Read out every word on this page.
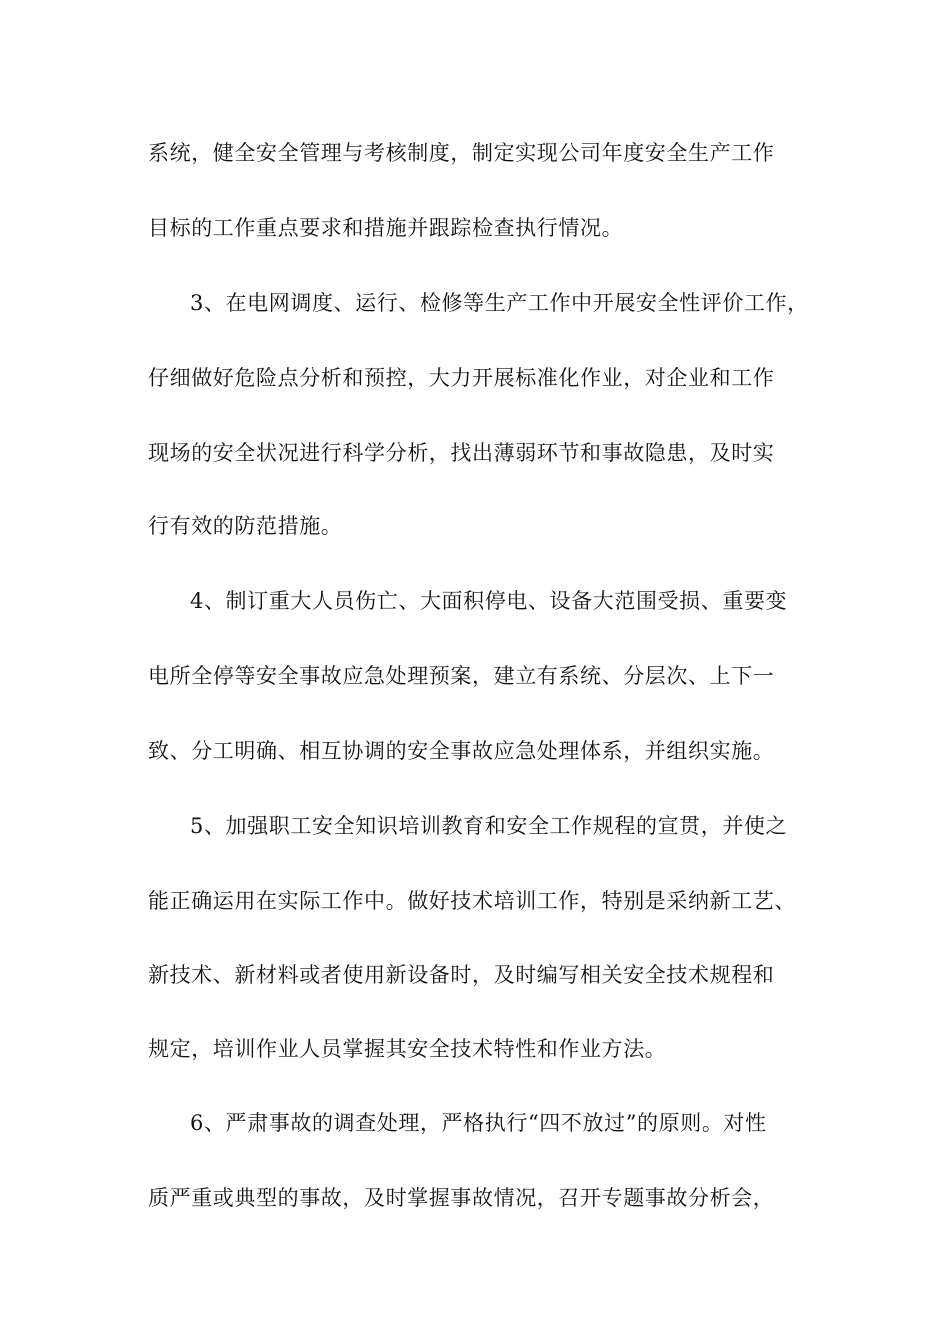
系统，健全安全管理与考核制度，制定实现公司年度安全生产工作
目标的工作重点要求和措施并跟踪检查执行情况。
3、在电网调度、运行、检修等生产工作中开展安全性评价工作，
仔细做好危险点分析和预控，大力开展标准化作业，对企业和工作
现场的安全状况进行科学分析，找出薄弱环节和事故隐患，及时实
行有效的防范措施。
4、制订重大人员伤亡、大面积停电、设备大范围受损、重要变
电所全停等安全事故应急处理预案，建立有系统、分层次、上下一
致、分工明确、相互协调的安全事故应急处理体系，并组织实施。
5、加强职工安全知识培训教育和安全工作规程的宣贯，并使之
能正确运用在实际工作中。做好技术培训工作，特别是采纳新工艺、
新技术、新材料或者使用新设备时，及时编写相关安全技术规程和
规定，培训作业人员掌握其安全技术特性和作业方法。
6、严肃事故的调查处理，严格执行“四不放过”的原则。对性
质严重或典型的事故，及时掌握事故情况，召开专题事故分析会，
